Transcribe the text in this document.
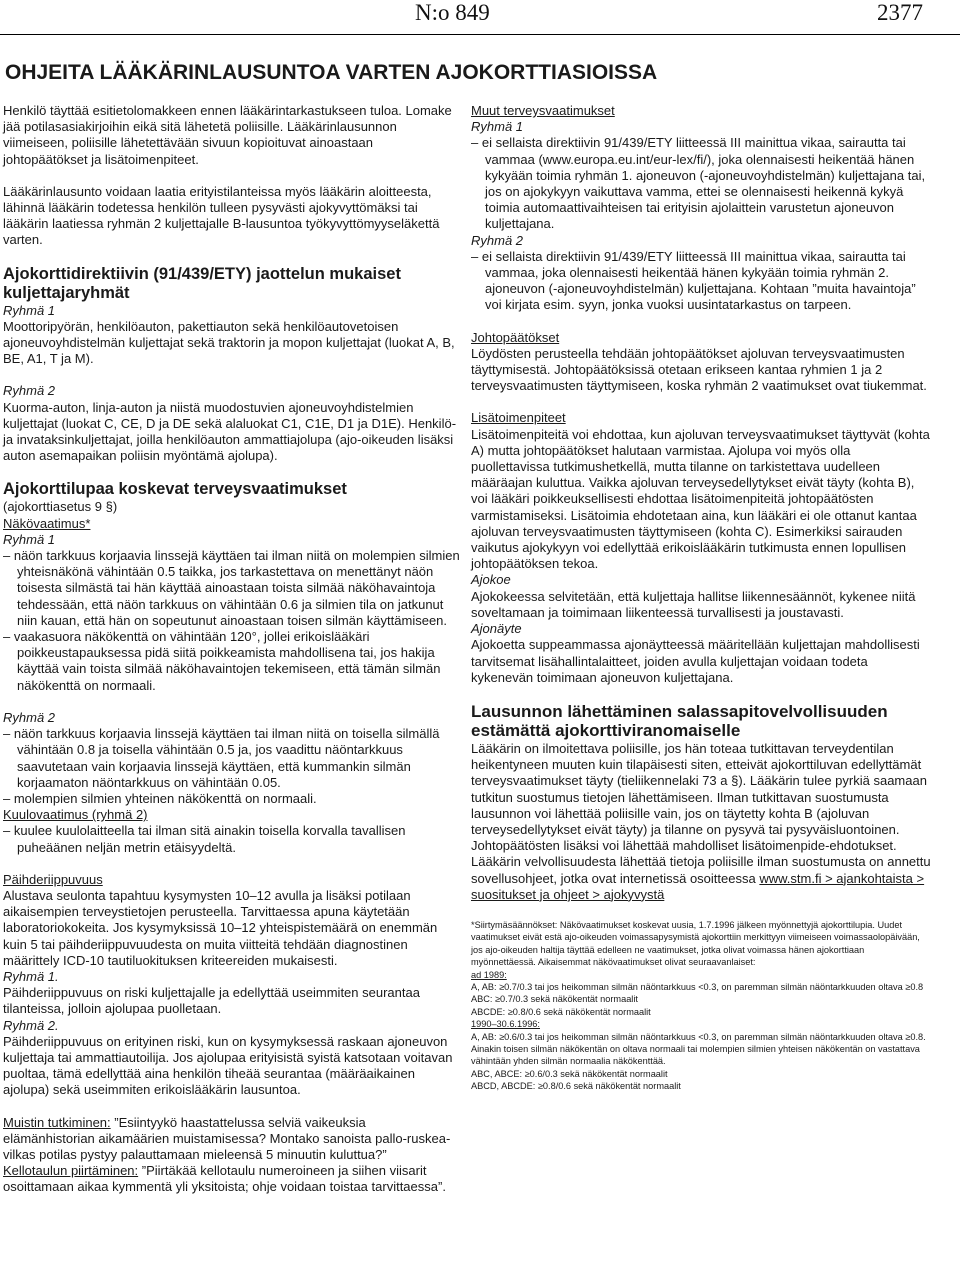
N:o 849	2377
OHJEITA LÄÄKÄRINLAUSUNTOA VARTEN AJOKORTTIASIOISSA

Henkilö täyttää esitietolomakkeen ennen lääkärintarkastukseen tuloa. Lomake jää potilasasiakirjoihin eikä sitä lähetetä poliisille. Lääkärinlausunnon viimeiseen, poliisille lähetettävään sivuun kopioituvat ainoastaan johtopäätökset ja lisätoimenpiteet.

Lääkärinlausunto voidaan laatia erityistilanteissa myös lääkärin aloitteesta, lähinnä lääkärin todetessa henkilön tulleen pysyvästi ajokyvyttömäksi tai lääkärin laatiessa ryhmän 2 kuljettajalle B-lausuntoa työkyvyttömyyseläkettä varten.

Ajokorttidirektiivin (91/439/ETY) jaottelun mukaiset kuljettajaryhmät

Ryhmä 1

Moottoripyörän, henkilöauton, pakettiauton sekä henkilöautovetoisen ajoneuvoyhdistelmän kuljettajat sekä traktorin ja mopon kuljettajat (luokat A, B, BE, A1, T ja M).

Ryhmä 2

Kuorma-auton, linja-auton ja niistä muodostuvien ajoneuvoyhdistelmien kuljettajat (luokat C, CE, D ja DE sekä alaluokat C1, C1E, D1 ja D1E). Henkilö- ja invataksinkuljettajat, joilla henkilöauton ammattiajolupa (ajo-oikeuden lisäksi auton asemapaikan poliisin myöntämä ajolupa).

Ajokorttilupaa koskevat terveysvaatimukset

(ajokorttiasetus 9 §)

Näkövaatimus*

Ryhmä 1

– näön tarkkuus korjaavia linssejä käyttäen tai ilman niitä on molempien silmien yhteisnäkönä vähintään 0.5 taikka, jos tarkastettava on menettänyt näön toisesta silmästä tai hän käyttää ainoastaan toista silmää näköhavaintoja tehdessään, että näön tarkkuus on vähintään 0.6 ja silmien tila on jatkunut niin kauan, että hän on sopeutunut ainoastaan toisen silmän käyttämiseen.

– vaakasuora näkökenttä on vähintään 120°, jollei erikoislääkäri poikkeustapauksessa pidä siitä poikkeamista mahdollisena tai, jos hakija käyttää vain toista silmää näköhavaintojen tekemiseen, että tämän silmän näkökenttä on normaali.

Ryhmä 2

– näön tarkkuus korjaavia linssejä käyttäen tai ilman niitä on toisella silmällä vähintään 0.8 ja toisella vähintään 0.5 ja, jos vaadittu näöntarkkuus saavutetaan vain korjaavia linssejä käyttäen, että kummankin silmän korjaamaton näöntarkkuus on vähintään 0.05.

– molempien silmien yhteinen näkökenttä on normaali.

Kuulovaatimus (ryhmä 2)

– kuulee kuulolaitteella tai ilman sitä ainakin toisella korvalla tavallisen puheäänen neljän metrin etäisyydeltä.

Päihderiippuvuus

Alustava seulonta tapahtuu kysymysten 10–12 avulla ja lisäksi potilaan aikaisempien terveystietojen perusteella. Tarvittaessa apuna käytetään laboratoriokokeita. Jos kysymyksissä 10–12 yhteispistemäärä on enemmän kuin 5 tai päihderiippuvuudesta on muita viitteitä tehdään diagnostinen määrittely ICD-10 tautiluokituksen kriteereiden mukaisesti.

Ryhmä 1.

Päihderiippuvuus on riski kuljettajalle ja edellyttää useimmiten seurantaa tilanteissa, jolloin ajolupaa puolletaan.

Ryhmä 2.

Päihderiippuvuus on erityinen riski, kun on kysymyksessä raskaan ajoneuvon kuljettaja tai ammattiautoilija. Jos ajolupaa erityisistä syistä katsotaan voitavan puoltaa, tämä edellyttää aina henkilön tiheää seurantaa (määräaikainen ajolupa) sekä useimmiten erikoislääkärin lausuntoa.

Muistin tutkiminen: ”Esiintyykö haastattelussa selviä vaikeuksia elämänhistorian aikamäärien muistamisessa? Montako sanoista pallo-ruskea-vilkas potilas pystyy palauttamaan mieleensä 5 minuutin kuluttua?”

Kellotaulun piirtäminen: ”Piirtäkää kellotaulu numeroineen ja siihen viisarit osoittamaan aikaa kymmentä yli yksitoista; ohje voidaan toistaa tarvittaessa”.

Muut terveysvaatimukset

Ryhmä 1

– ei sellaista direktiivin 91/439/ETY liitteessä III mainittua vikaa, sairautta tai vammaa (www.europa.eu.int/eur-lex/fi/), joka olennaisesti heikentää hänen kykyään toimia ryhmän 1. ajoneuvon (-ajoneuvoyhdistelmän) kuljettajana tai, jos on ajokykyyn vaikuttava vamma, ettei se olennaisesti heikennä kykyä toimia automaattivaihteisen tai erityisin ajolaittein varustetun ajoneuvon kuljettajana.

Ryhmä 2

– ei sellaista direktiivin 91/439/ETY liitteessä III mainittua vikaa, sairautta tai vammaa, joka olennaisesti heikentää hänen kykyään toimia ryhmän 2. ajoneuvon (-ajoneuvoyhdistelmän) kuljettajana. Kohtaan ”muita havaintoja” voi kirjata esim. syyn, jonka vuoksi uusintatarkastus on tarpeen.

Johtopäätökset

Löydösten perusteella tehdään johtopäätökset ajoluvan terveysvaatimusten täyttymisestä. Johtopäätöksissä otetaan erikseen kantaa ryhmien 1 ja 2 terveysvaatimusten täyttymiseen, koska ryhmän 2 vaatimukset ovat tiukemmat.

Lisätoimenpiteet

Lisätoimenpiteitä voi ehdottaa, kun ajoluvan terveysvaatimukset täyttyvät (kohta A) mutta johtopäätökset halutaan varmistaa. Ajolupa voi myös olla puollettavissa tutkimushetkellä, mutta tilanne on tarkistettava uudelleen määräajan kuluttua. Vaikka ajoluvan terveysedellytykset eivät täyty (kohta B), voi lääkäri poikkeuksellisesti ehdottaa lisätoimenpiteitä johtopäätösten varmistamiseksi. Lisätoimia ehdotetaan aina, kun lääkäri ei ole ottanut kantaa ajoluvan terveysvaatimusten täyttymiseen (kohta C). Esimerkiksi sairauden vaikutus ajokykyyn voi edellyttää erikoislääkärin tutkimusta ennen lopullisen johtopäätöksen tekoa.

Ajokoe

Ajokokeessa selvitetään, että kuljettaja hallitse liikennesäännöt, kykenee niitä soveltamaan ja toimimaan liikenteessä turvallisesti ja joustavasti.

Ajonäyte

Ajokoetta suppeammassa ajonäytteessä määritellään kuljettajan mahdollisesti tarvitsemat lisähallintalaitteet, joiden avulla kuljettajan voidaan todeta kykenevän toimimaan ajoneuvon kuljettajana.

Lausunnon lähettäminen salassapitovelvollisuuden estämättä ajokorttiviranomaiselle

Lääkärin on ilmoitettava poliisille, jos hän toteaa tutkittavan terveydentilan heikentyneen muuten kuin tilapäisesti siten, etteivät ajokorttiluvan edellyttämät terveysvaatimukset täyty (tieliikennelaki 73 a §). Lääkärin tulee pyrkiä saamaan tutkitun suostumus tietojen lähettämiseen. Ilman tutkittavan suostumusta lausunnon voi lähettää poliisille vain, jos on täytetty kohta B (ajoluvan terveysedellytykset eivät täyty) ja tilanne on pysyvä tai pysyväisluontoinen. Johtopäätösten lisäksi voi lähettää mahdolliset lisätoimenpide-ehdotukset. Lääkärin velvollisuudesta lähettää tietoja poliisille ilman suostumusta on annettu sovellusohjeet, jotka ovat internetissä osoitteessa www.stm.fi > ajankohtaista > suositukset ja ohjeet > ajokyvystä

*Siirtymäsäännökset: Näkövaatimukset koskevat uusia, 1.7.1996 jälkeen myönnettyjä ajokorttilupia. Uudet vaatimukset eivät estä ajo-oikeuden voimassapysymistä ajokorttiin merkittyyn viimeiseen voimassaolopäivään, jos ajo-oikeuden haltija täyttää edelleen ne vaatimukset, jotka olivat voimassa hänen ajokorttiaan myönnettäessä. Aikaisemmat näkövaatimukset olivat seuraavanlaiset:

ad 1989:

A, AB: ≥0.7/0.3 tai jos heikomman silmän näöntarkkuus <0.3, on paremman silmän näöntarkkuuden oltava ≥0.8

ABC: ≥0.7/0.3 sekä näkökentät normaalit

ABCDE: ≥0.8/0.6 sekä näkökentät normaalit

1990–30.6.1996:

A, AB: ≥0.6/0.3 tai jos heikomman silmän näöntarkkuus <0.3, on paremman silmän näöntarkkuuden oltava ≥0.8. Ainakin toisen silmän näkökentän on oltava normaali tai molempien silmien yhteisen näkökentän on vastattava vähintään yhden silmän normaalia näkökenttää.

ABC, ABCE: ≥0.6/0.3 sekä näkökentät normaalit

ABCD, ABCDE: ≥0.8/0.6 sekä näkökentät normaalit
